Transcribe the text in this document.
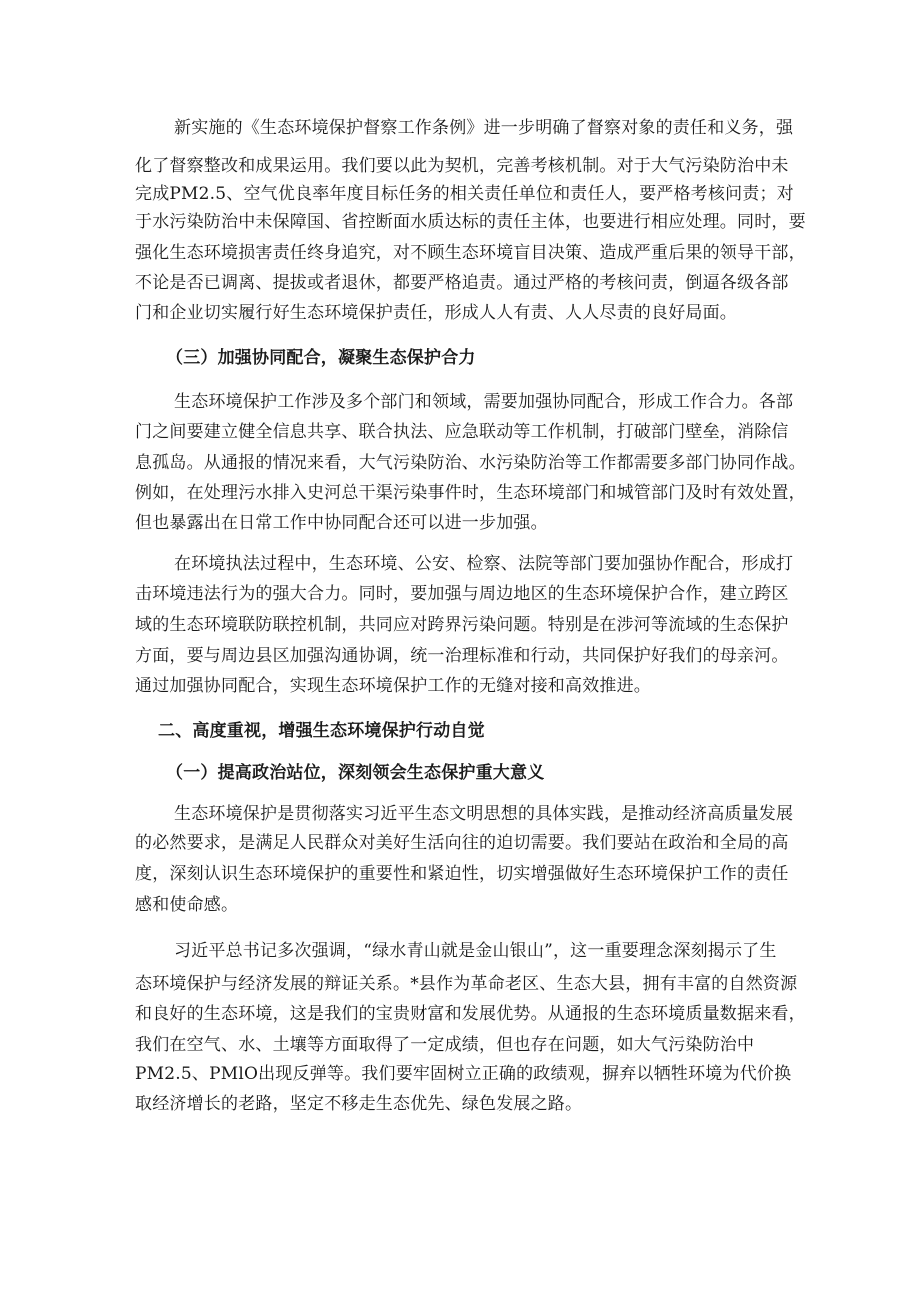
新实施的《生态环境保护督察工作条例》进一步明确了督察对象的责任和义务，强
化了督察整改和成果运用。我们要以此为契机，完善考核机制。对于大气污染防治中未
完成PM2.5、空气优良率年度目标任务的相关责任单位和责任人，要严格考核问责；对
于水污染防治中未保障国、省控断面水质达标的责任主体，也要进行相应处理。同时，要
强化生态环境损害责任终身追究，对不顾生态环境盲目决策、造成严重后果的领导干部，
不论是否已调离、提拔或者退休，都要严格追责。通过严格的考核问责，倒逼各级各部
门和企业切实履行好生态环境保护责任，形成人人有责、人人尽责的良好局面。
（三）加强协同配合，凝聚生态保护合力
生态环境保护工作涉及多个部门和领域，需要加强协同配合，形成工作合力。各部
门之间要建立健全信息共享、联合执法、应急联动等工作机制，打破部门壁垒，消除信
息孤岛。从通报的情况来看，大气污染防治、水污染防治等工作都需要多部门协同作战。
例如，在处理污水排入史河总干渠污染事件时，生态环境部门和城管部门及时有效处置，
但也暴露出在日常工作中协同配合还可以进一步加强。
在环境执法过程中，生态环境、公安、检察、法院等部门要加强协作配合，形成打
击环境违法行为的强大合力。同时，要加强与周边地区的生态环境保护合作，建立跨区
域的生态环境联防联控机制，共同应对跨界污染问题。特别是在涉河等流域的生态保护
方面，要与周边县区加强沟通协调，统一治理标准和行动，共同保护好我们的母亲河。
通过加强协同配合，实现生态环境保护工作的无缝对接和高效推进。
二、高度重视，增强生态环境保护行动自觉
（一）提高政治站位，深刻领会生态保护重大意义
生态环境保护是贯彻落实习近平生态文明思想的具体实践，是推动经济高质量发展
的必然要求，是满足人民群众对美好生活向往的迫切需要。我们要站在政治和全局的高
度，深刻认识生态环境保护的重要性和紧迫性，切实增强做好生态环境保护工作的责任
感和使命感。
习近平总书记多次强调，“绿水青山就是金山银山”，这一重要理念深刻揭示了生
态环境保护与经济发展的辩证关系。*县作为革命老区、生态大县，拥有丰富的自然资源
和良好的生态环境，这是我们的宝贵财富和发展优势。从通报的生态环境质量数据来看，
我们在空气、水、土壤等方面取得了一定成绩，但也存在问题，如大气污染防治中
PM2.5、PMlO出现反弹等。我们要牢固树立正确的政绩观，摒弃以牺牲环境为代价换
取经济增长的老路，坚定不移走生态优先、绿色发展之路。
